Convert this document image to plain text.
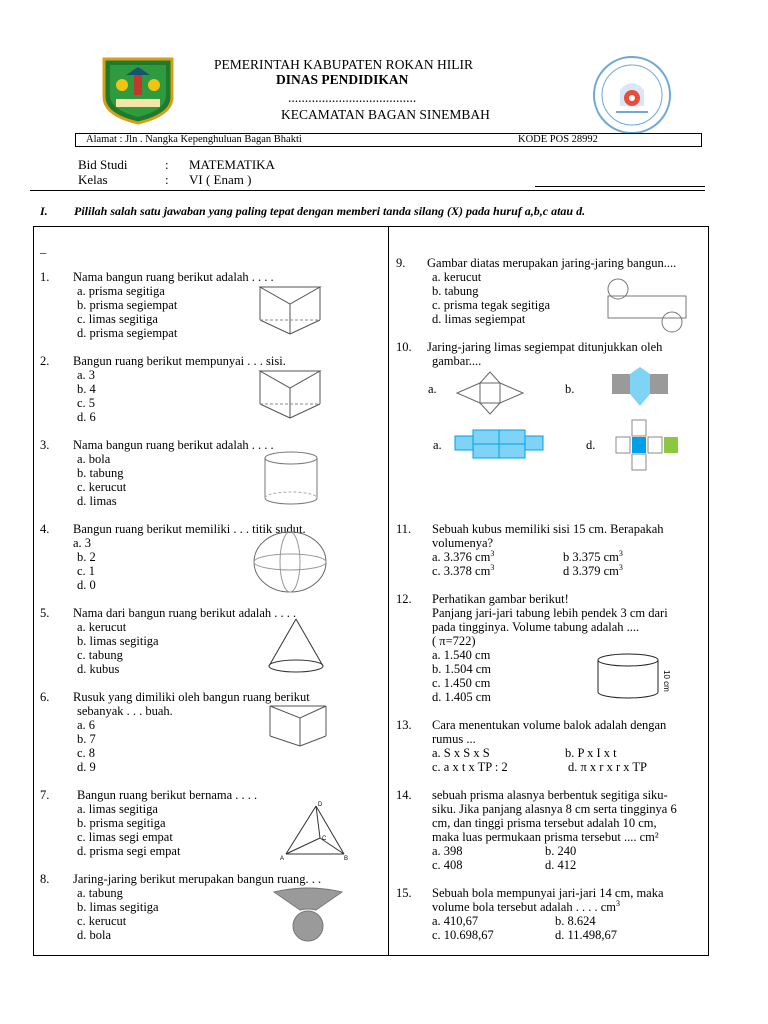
PEMERINTAH KABUPATEN ROKAN HILIR
DINAS PENDIDIKAN
......................................
KECAMATAN BAGAN SINEMBAH
Alamat : Jln . Nangka Kepenghuluan Bagan Bhakti	KODE POS 28992
Bid Studi	: MATEMATIKA
Kelas	: VI ( Enam )
I. Pililah salah satu jawaban yang paling tepat dengan memberi tanda silang (X) pada huruf a,b,c atau d.
_
1. Nama bangun ruang berikut adalah . . . .
a. prisma segitiga
b. prisma segiempat
c. limas segitiga
d. prisma segiempat
2. Bangun ruang berikut mempunyai . . . sisi.
a. 3
b. 4
c. 5
d. 6
3. Nama bangun ruang berikut adalah . . . .
a. bola
b. tabung
c. kerucut
d. limas
4. Bangun ruang berikut memiliki . . . titik sudut.
a. 3
b. 2
c. 1
d. 0
5. Nama dari bangun ruang berikut adalah . . . .
a. kerucut
b. limas segitiga
c. tabung
d. kubus
6. Rusuk yang dimiliki oleh bangun ruang berikut
sebanyak . . . buah.
a. 6
b. 7
c. 8
d. 9
7. Bangun ruang berikut bernama . . . .
a. limas segitiga
b. prisma segitiga
c. limas segi empat
d. prisma segi empat
D
C
A	B
8. Jaring-jaring berikut merupakan bangun ruang. . .
a. tabung
b. limas segitiga
c. kerucut
d. bola
9. Gambar diatas merupakan jaring-jaring bangun....
a. kerucut
b. tabung
c. prisma tegak segitiga
d. limas segiempat
10. Jaring-jaring limas segiempat ditunjukkan oleh
gambar....
a.	b.
a.	d.
11. Sebuah kubus memiliki sisi 15 cm. Berapakah
volumenya?
a. 3.376 $cm^3$	b 3.375 $cm^3$
c. 3.378 $cm^3$	d 3.379 $cm^3$
12. Perhatikan gambar berikut!
Panjang jari-jari tabung lebih pendek 3 cm dari
pada tingginya. Volume tabung adalah ....
( π=722)
a. 1.540 cm
b. 1.504 cm
c. 1.450 cm
d. 1.405 cm
10 cm
13. Cara menentukan volume balok adalah dengan
rumus ...
a. S x S x S	b. P x I x t
c. a x t x TP : 2	d. π x r x r x TP
14. sebuah prisma alasnya berbentuk segitiga siku-
siku. Jika panjang alasnya 8 cm serta tingginya 6
cm, dan tinggi prisma tersebut adalah 10 cm,
maka luas permukaan prisma tersebut .... cm²
a. 398	b. 240
c. 408	d. 412
15. Sebuah bola mempunyai jari-jari 14 cm, maka
volume bola tersebut adalah . . . . $cm^3$
a. 410,67	b. 8.624
c. 10.698,67	d. 11.498,67
